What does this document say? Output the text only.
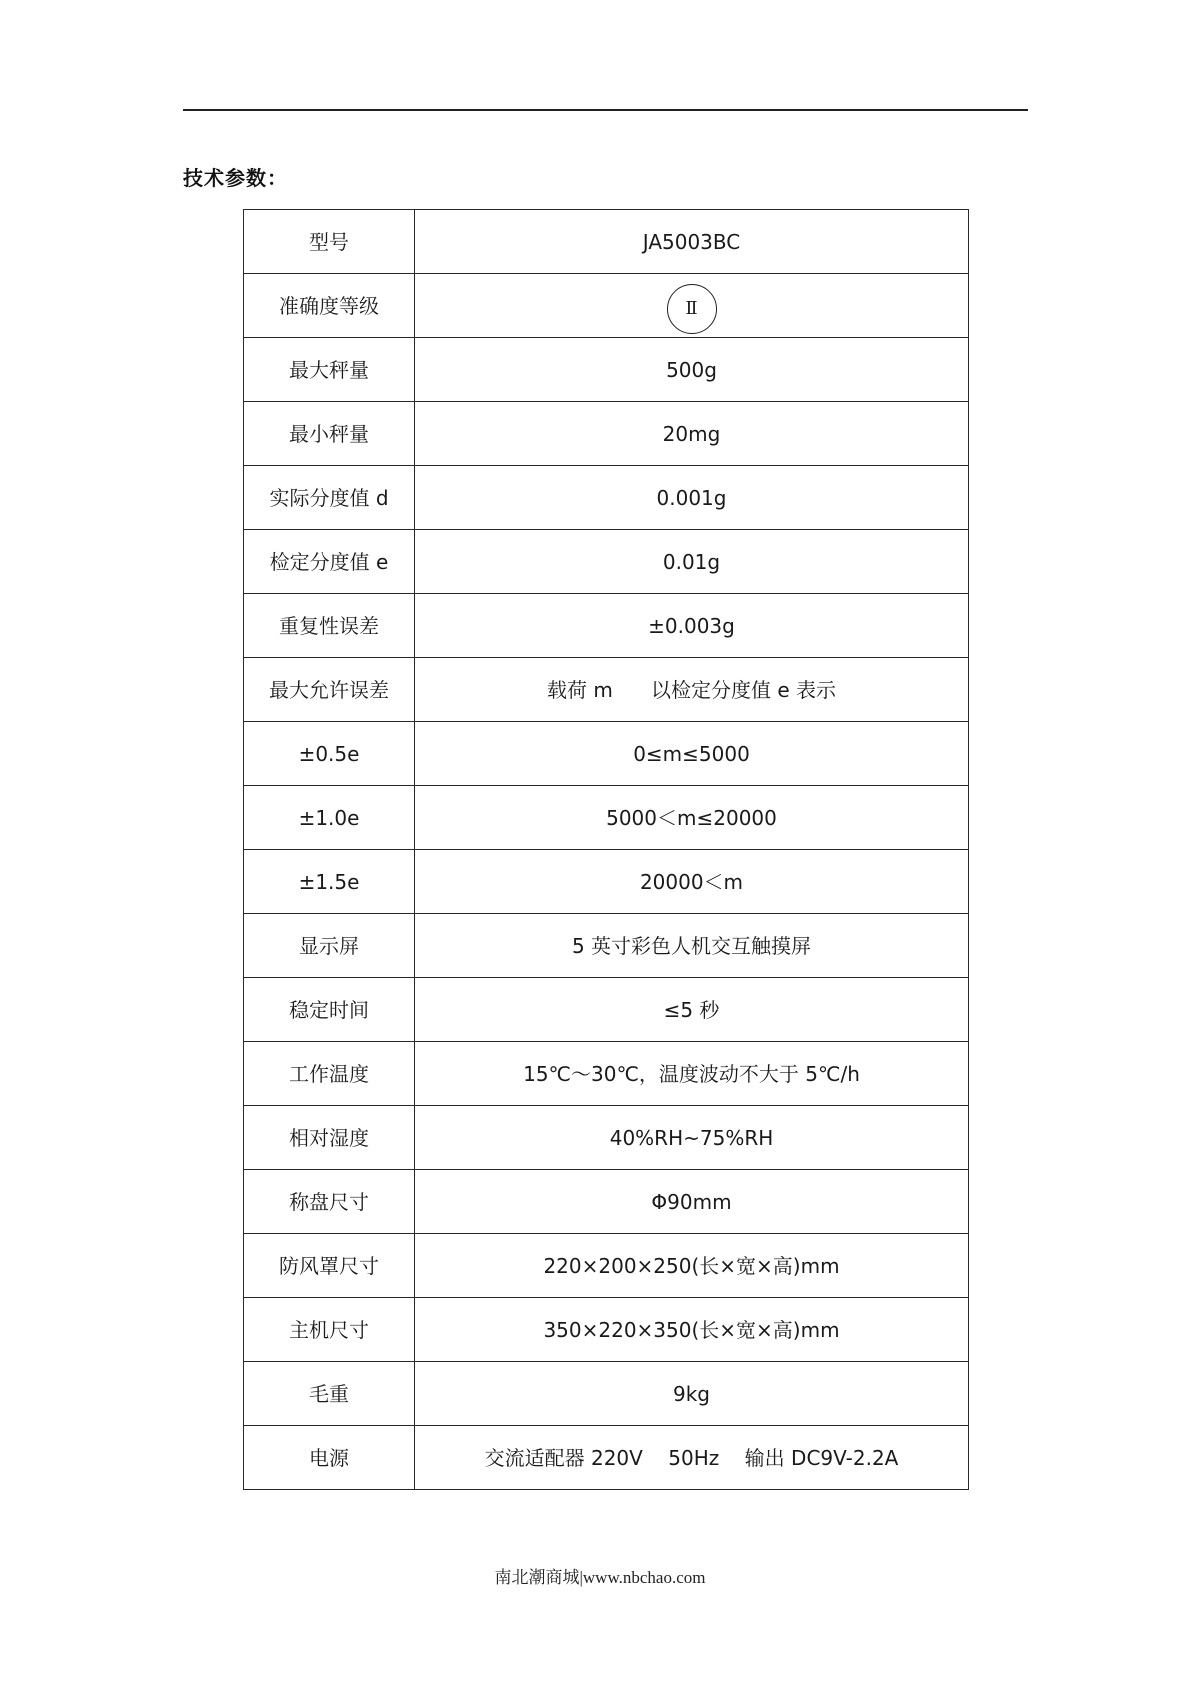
技术参数：
型号	JA5003BC
准确度等级	Ⅱ
最大秤量	500g
最小秤量	20mg
实际分度值 d	0.001g
检定分度值 e	0.01g
重复性误差	±0.003g
最大允许误差	载荷 m      以检定分度值 e 表示
±0.5e	0≤m≤5000
±1.0e	5000＜m≤20000
±1.5e	20000＜m
显示屏	5 英寸彩色人机交互触摸屏
稳定时间	≤5 秒
工作温度	15℃～30℃，温度波动不大于 5℃/h
相对湿度	40%RH~75%RH
称盘尺寸	Φ90mm
防风罩尺寸	220×200×250(长×宽×高)mm
主机尺寸	350×220×350(长×宽×高)mm
毛重	9kg
电源	交流适配器 220V    50Hz    输出 DC9V-2.2A
南北潮商城|www.nbchao.com
